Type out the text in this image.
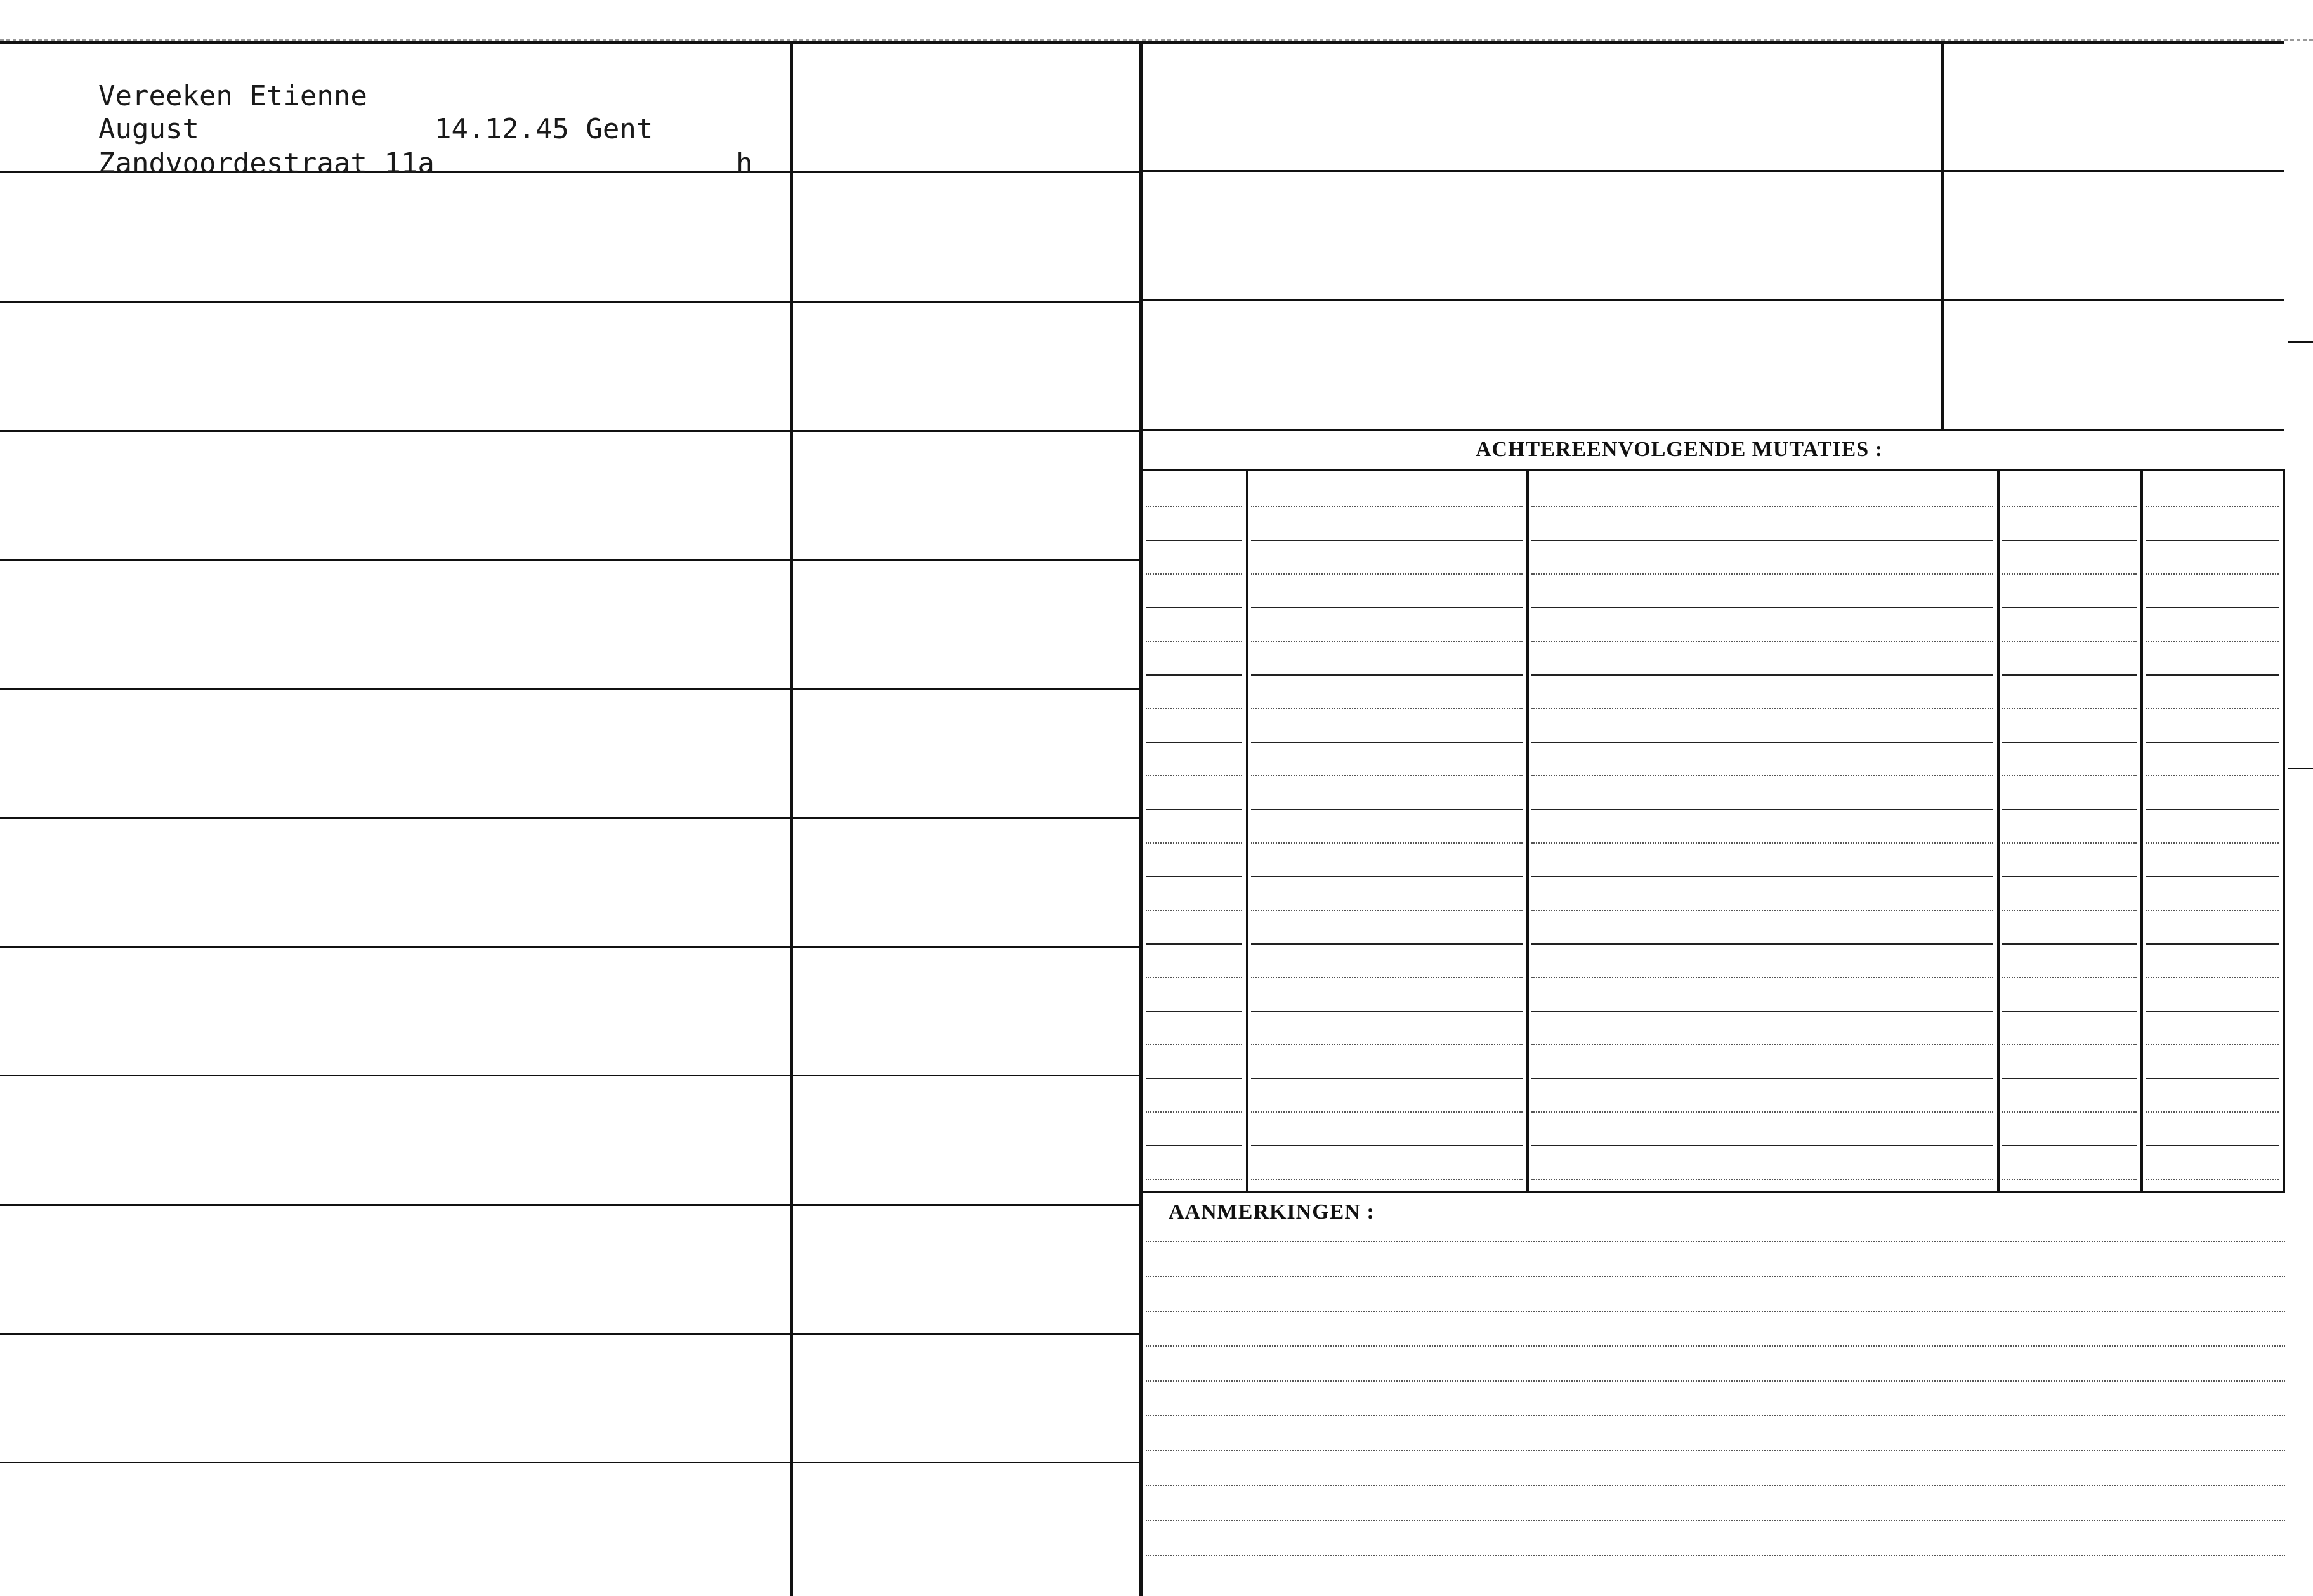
Vereeken Etienne
August	14.12.45 Gent
Zandvoordestraat 11a	h
ACHTEREENVOLGENDE MUTATIES :
AANMERKINGEN :
